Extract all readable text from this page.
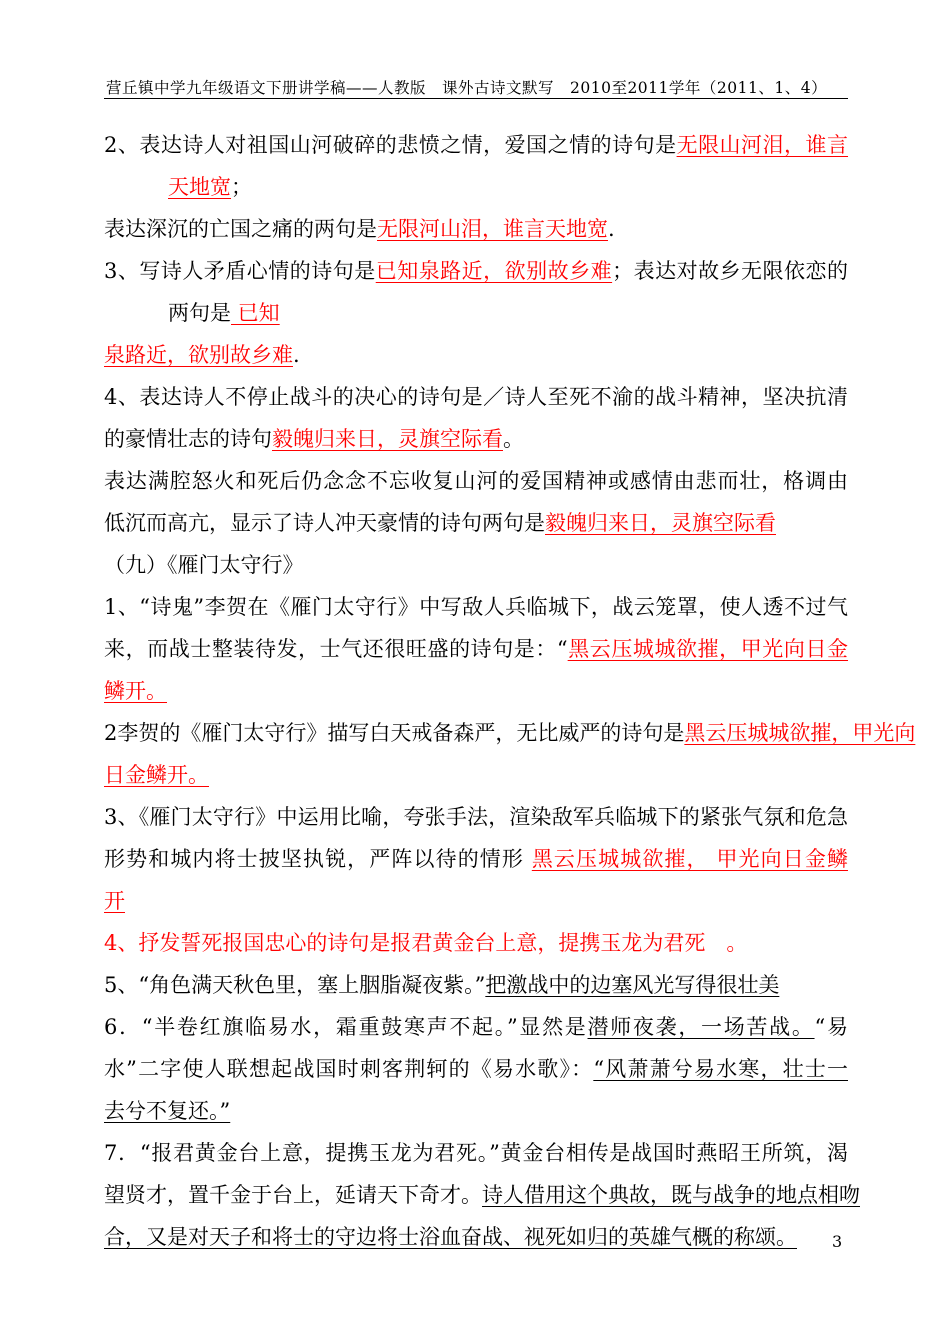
营丘镇中学九年级语文下册讲学稿——人教版　课外古诗文默写　2010至2011学年（2011、1、4）
2、表达诗人对祖国山河破碎的悲愤之情，爱国之情的诗句是无限山河泪，谁言
天地宽；
表达深沉的亡国之痛的两句是无限河山泪，谁言天地宽.
3、写诗人矛盾心情的诗句是已知泉路近，欲别故乡难；表达对故乡无限依恋的
两句是 已知
泉路近，欲别故乡难.
4、表达诗人不停止战斗的决心的诗句是／诗人至死不渝的战斗精神，坚决抗清
的豪情壮志的诗句毅魄归来日，灵旗空际看。
表达满腔怒火和死后仍念念不忘收复山河的爱国精神或感情由悲而壮，格调由
低沉而高亢，显示了诗人冲天豪情的诗句两句是毅魄归来日，灵旗空际看
（九）《雁门太守行》
1、“诗鬼”李贺在《雁门太守行》中写敌人兵临城下，战云笼罩，使人透不过气
来，而战士整装待发，士气还很旺盛的诗句是：“黑云压城城欲摧，甲光向日金
鳞开。
2李贺的《雁门太守行》描写白天戒备森严，无比威严的诗句是黑云压城城欲摧，甲光向
日金鳞开。
3、《雁门太守行》中运用比喻，夸张手法，渲染敌军兵临城下的紧张气氛和危急
形势和城内将士披坚执锐，严阵以待的情形 黑云压城城欲摧， 甲光向日金鳞
开
4、抒发誓死报国忠心的诗句是报君黄金台上意，提携玉龙为君死　。
5、“角色满天秋色里，塞上胭脂凝夜紫。”把激战中的边塞风光写得很壮美
6．“半卷红旗临易水，霜重鼓寒声不起。”显然是潜师夜袭，一场苦战。“易
水”二字使人联想起战国时刺客荆轲的《易水歌》：“风萧萧兮易水寒，壮士一
去兮不复还。”
7．“报君黄金台上意，提携玉龙为君死。”黄金台相传是战国时燕昭王所筑，渴
望贤才，置千金于台上，延请天下奇才。诗人借用这个典故，既与战争的地点相吻
合，又是对天子和将士的守边将士浴血奋战、视死如归的英雄气概的称颂。	3
